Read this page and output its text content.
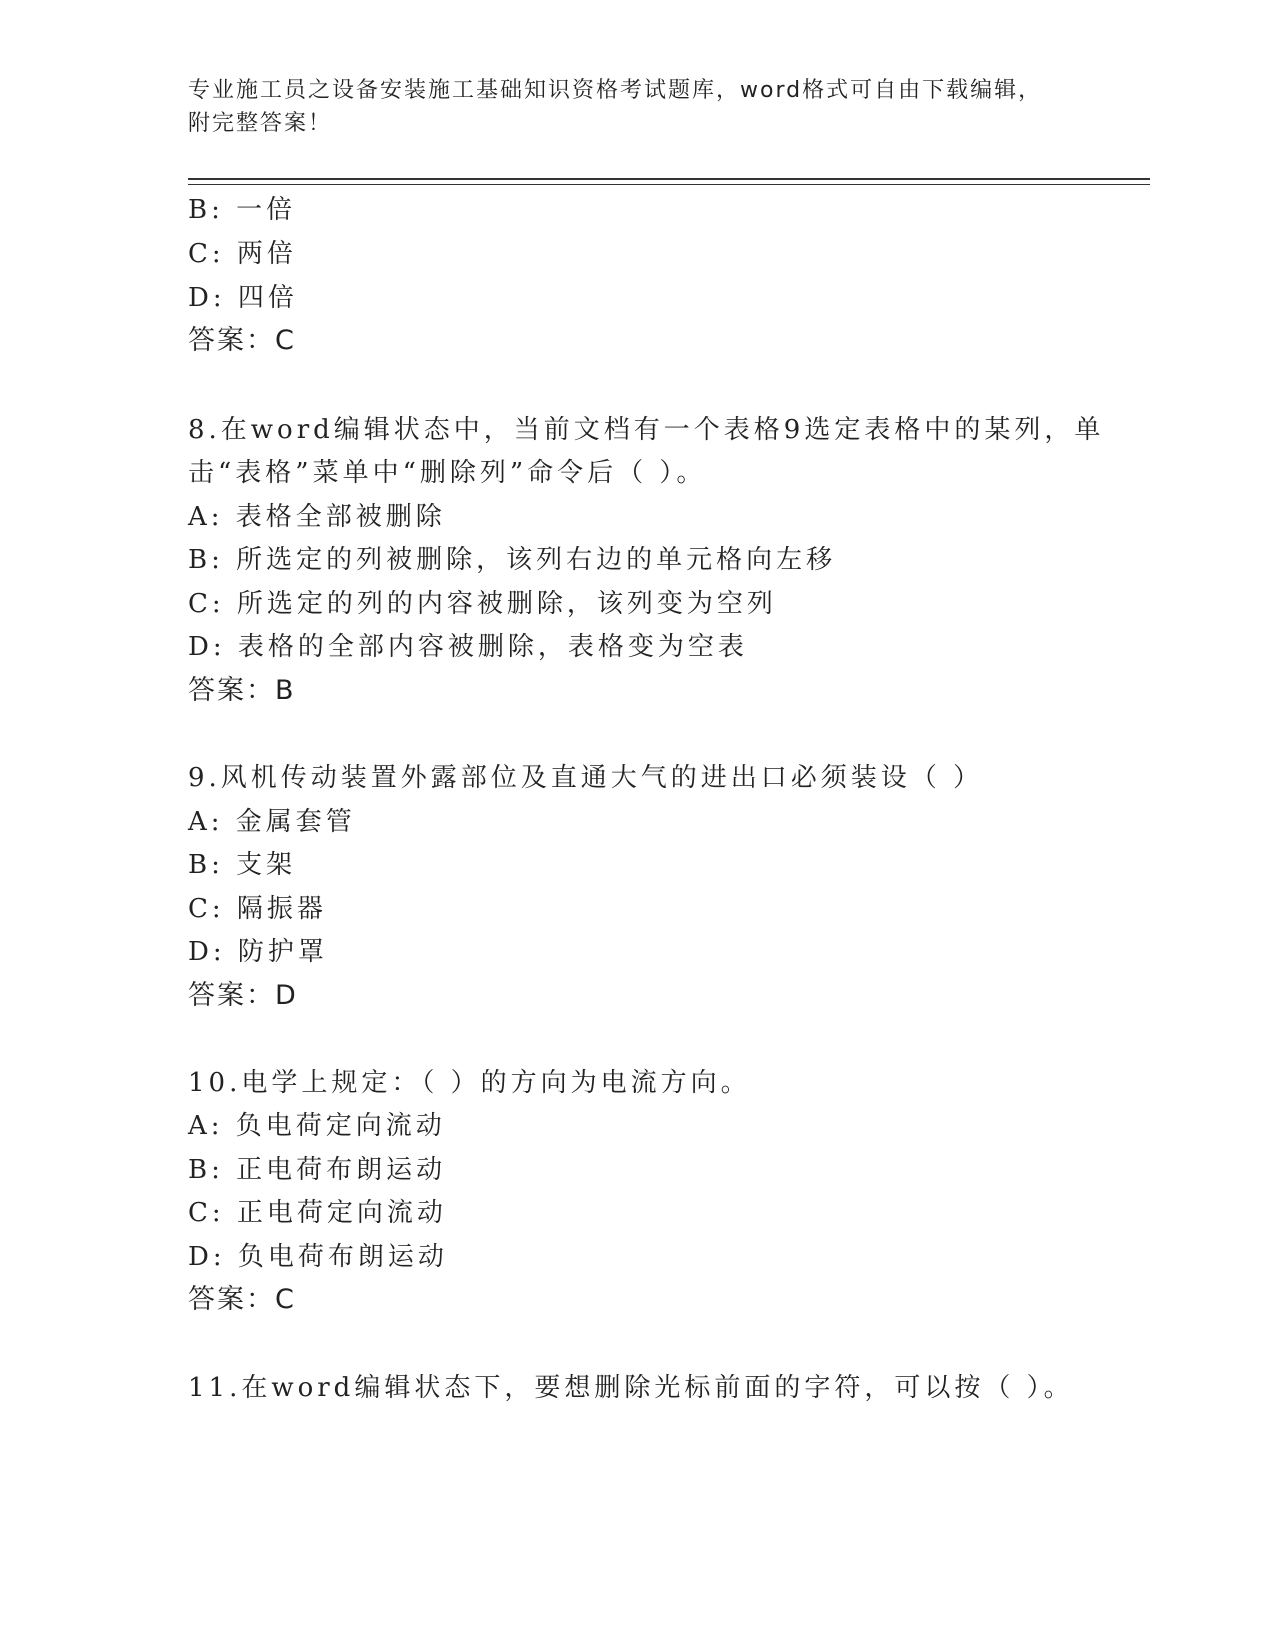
专业施工员之设备安装施工基础知识资格考试题库，word格式可自由下载编辑，
附完整答案！
B: 一倍
C: 两倍
D: 四倍
答案：C
8.在word编辑状态中，当前文档有一个表格9选定表格中的某列，单
击“表格”菜单中“删除列”命令后（ ）。
A: 表格全部被删除
B: 所选定的列被删除，该列右边的单元格向左移
C: 所选定的列的内容被删除，该列变为空列
D: 表格的全部内容被删除，表格变为空表
答案：B
9.风机传动装置外露部位及直通大气的进出口必须装设（ ）
A: 金属套管
B: 支架
C: 隔振器
D: 防护罩
答案：D
10.电学上规定：（ ）的方向为电流方向。
A: 负电荷定向流动
B: 正电荷布朗运动
C: 正电荷定向流动
D: 负电荷布朗运动
答案：C
11.在word编辑状态下，要想删除光标前面的字符，可以按（ ）。
